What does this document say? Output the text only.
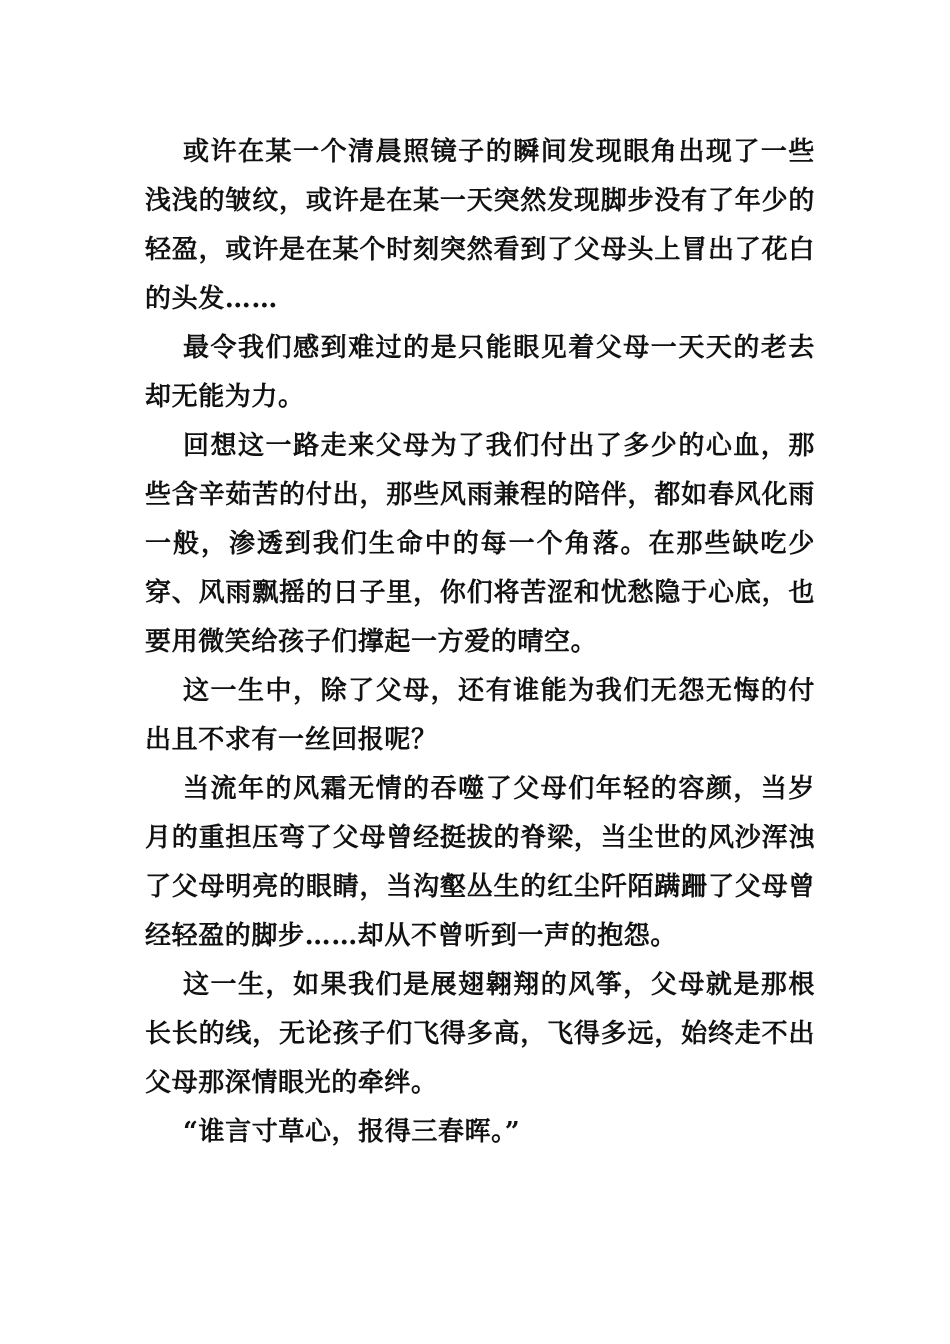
或许在某一个清晨照镜子的瞬间发现眼角出现了一些浅浅的皱纹，或许是在某一天突然发现脚步没有了年少的轻盈，或许是在某个时刻突然看到了父母头上冒出了花白的头发……

最令我们感到难过的是只能眼见着父母一天天的老去却无能为力。

回想这一路走来父母为了我们付出了多少的心血，那些含辛茹苦的付出，那些风雨兼程的陪伴，都如春风化雨一般，渗透到我们生命中的每一个角落。在那些缺吃少穿、风雨飘摇的日子里，你们将苦涩和忧愁隐于心底，也要用微笑给孩子们撑起一方爱的晴空。

这一生中，除了父母，还有谁能为我们无怨无悔的付出且不求有一丝回报呢？

当流年的风霜无情的吞噬了父母们年轻的容颜，当岁月的重担压弯了父母曾经挺拔的脊梁，当尘世的风沙浑浊了父母明亮的眼睛，当沟壑丛生的红尘阡陌蹒跚了父母曾经轻盈的脚步……却从不曾听到一声的抱怨。

这一生，如果我们是展翅翱翔的风筝，父母就是那根长长的线，无论孩子们飞得多高，飞得多远，始终走不出父母那深情眼光的牵绊。

“谁言寸草心，报得三春晖。”
